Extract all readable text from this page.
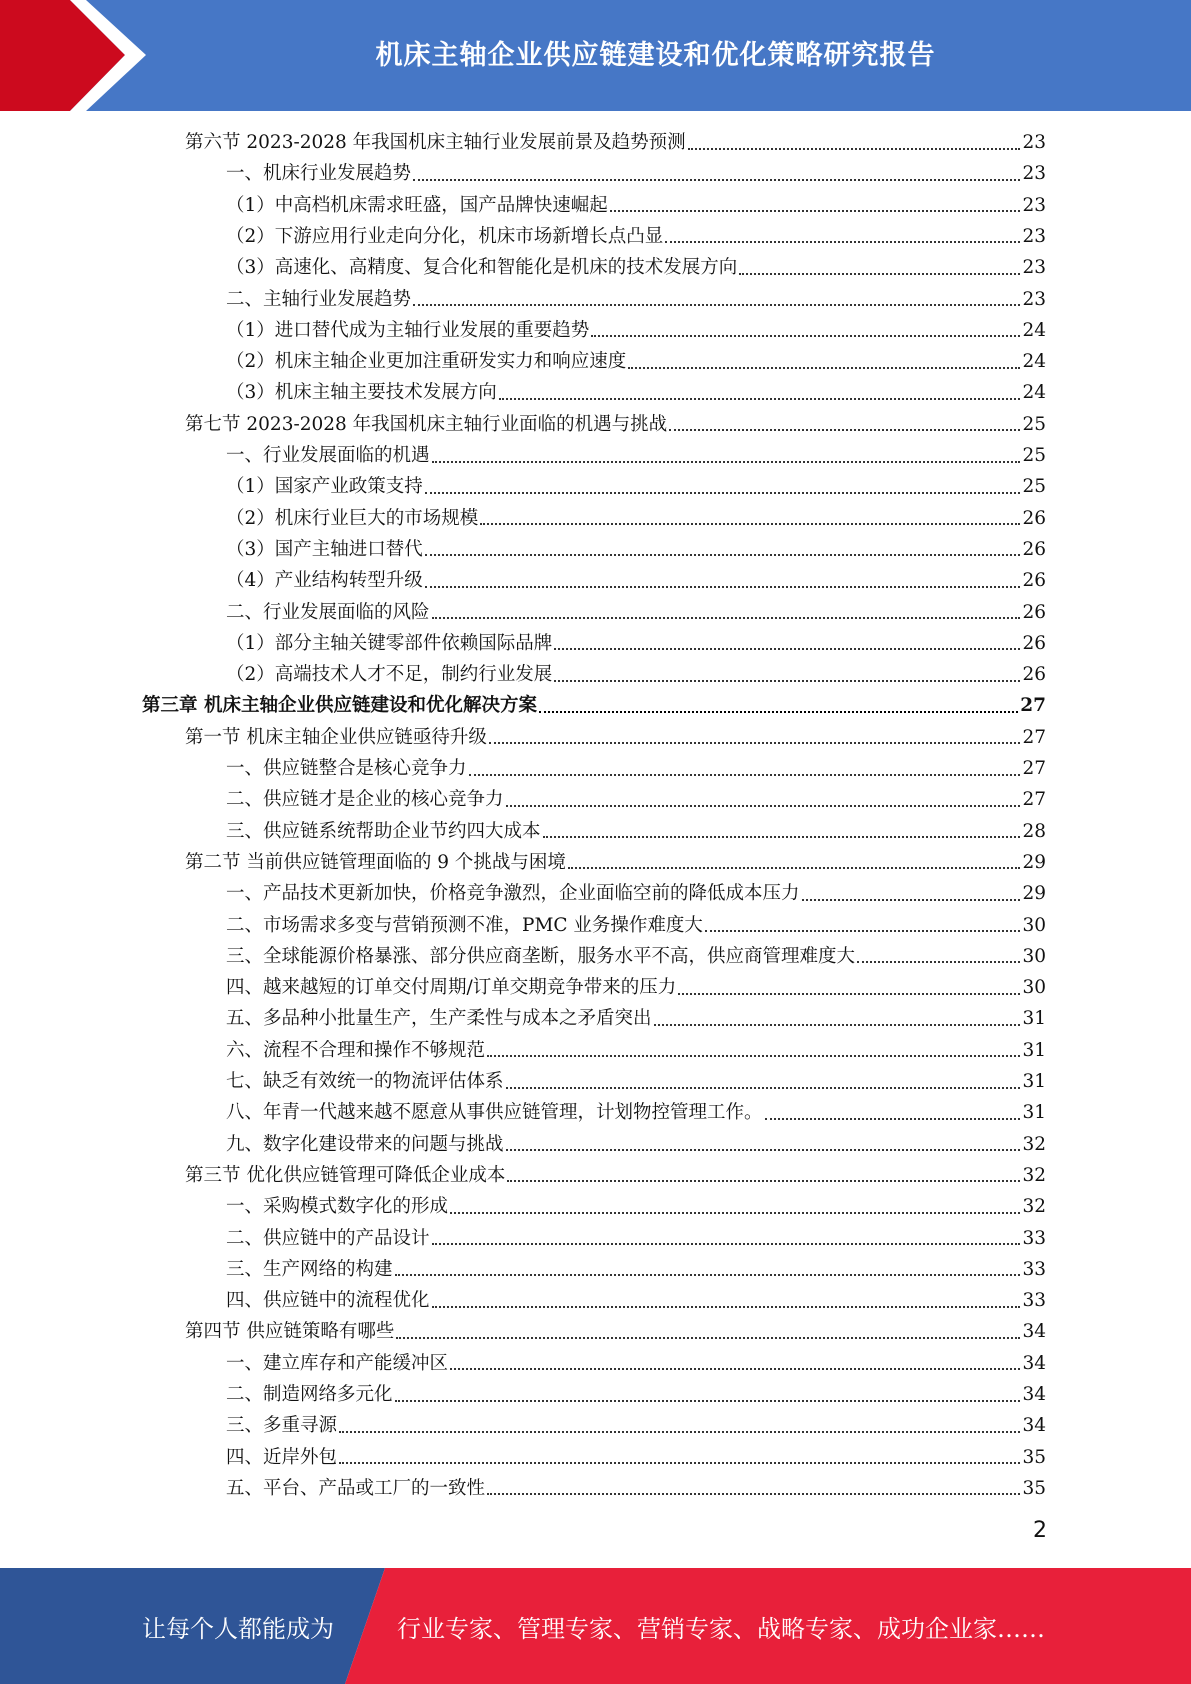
机床主轴企业供应链建设和优化策略研究报告
第六节 2023-2028 年我国机床主轴行业发展前景及趋势预测	23
一、机床行业发展趋势	23
（1）中高档机床需求旺盛，国产品牌快速崛起	23
（2）下游应用行业走向分化，机床市场新增长点凸显	23
（3）高速化、高精度、复合化和智能化是机床的技术发展方向	23
二、主轴行业发展趋势	23
（1）进口替代成为主轴行业发展的重要趋势	24
（2）机床主轴企业更加注重研发实力和响应速度	24
（3）机床主轴主要技术发展方向	24
第七节 2023-2028 年我国机床主轴行业面临的机遇与挑战	25
一、行业发展面临的机遇	25
（1）国家产业政策支持	25
（2）机床行业巨大的市场规模	26
（3）国产主轴进口替代	26
（4）产业结构转型升级	26
二、行业发展面临的风险	26
（1）部分主轴关键零部件依赖国际品牌	26
（2）高端技术人才不足，制约行业发展	26
第三章 机床主轴企业供应链建设和优化解决方案	27
第一节 机床主轴企业供应链亟待升级	27
一、供应链整合是核心竞争力	27
二、供应链才是企业的核心竞争力	27
三、供应链系统帮助企业节约四大成本	28
第二节 当前供应链管理面临的 9 个挑战与困境	29
一、产品技术更新加快，价格竞争激烈，企业面临空前的降低成本压力	29
二、市场需求多变与营销预测不准，PMC 业务操作难度大	30
三、全球能源价格暴涨、部分供应商垄断，服务水平不高，供应商管理难度大	30
四、越来越短的订单交付周期/订单交期竞争带来的压力	30
五、多品种小批量生产，生产柔性与成本之矛盾突出	31
六、流程不合理和操作不够规范	31
七、缺乏有效统一的物流评估体系	31
八、年青一代越来越不愿意从事供应链管理，计划物控管理工作。	31
九、数字化建设带来的问题与挑战	32
第三节 优化供应链管理可降低企业成本	32
一、采购模式数字化的形成	32
二、供应链中的产品设计	33
三、生产网络的构建	33
四、供应链中的流程优化	33
第四节 供应链策略有哪些	34
一、建立库存和产能缓冲区	34
二、制造网络多元化	34
三、多重寻源	34
四、近岸外包	35
五、平台、产品或工厂的一致性	35
2
让每个人都能成为	行业专家、管理专家、营销专家、战略专家、成功企业家……
